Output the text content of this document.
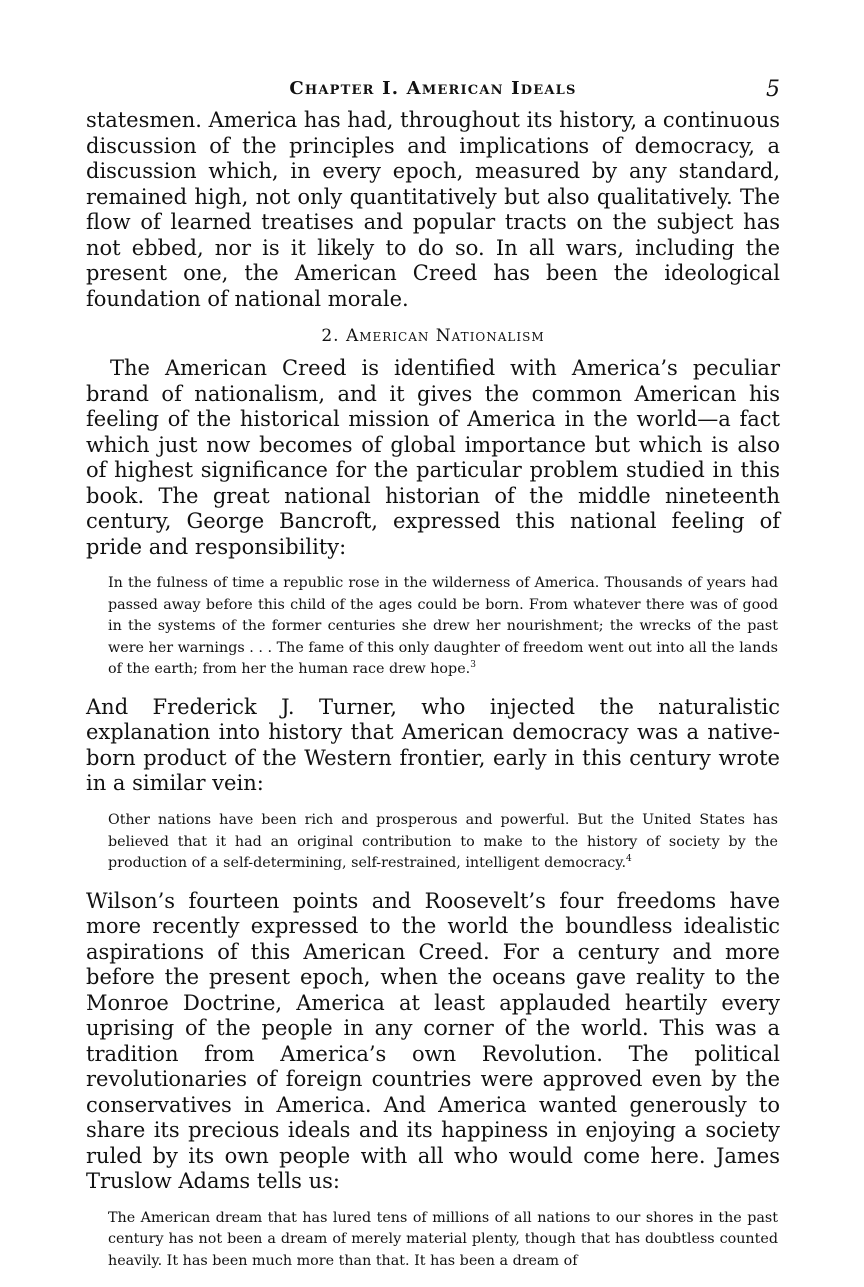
Chapter I. American Ideals	5

statesmen. America has had, throughout its history, a continuous discussion of the principles and implications of democracy, a discussion which, in every epoch, measured by any standard, remained high, not only quantitatively but also qualitatively. The flow of learned treatises and popular tracts on the subject has not ebbed, nor is it likely to do so. In all wars, including the present one, the American Creed has been the ideological foundation of national morale.

2. American Nationalism

The American Creed is identified with America’s peculiar brand of nationalism, and it gives the common American his feeling of the historical mission of America in the world—a fact which just now becomes of global importance but which is also of highest significance for the particular problem studied in this book. The great national historian of the middle nineteenth century, George Bancroft, expressed this national feeling of pride and responsibility:

In the fulness of time a republic rose in the wilderness of America. Thousands of years had passed away before this child of the ages could be born. From whatever there was of good in the systems of the former centuries she drew her nourishment; the wrecks of the past were her warnings . . . The fame of this only daughter of freedom went out into all the lands of the earth; from her the human race drew hope.$^3$

And Frederick J. Turner, who injected the naturalistic explanation into history that American democracy was a native-born product of the Western frontier, early in this century wrote in a similar vein:

Other nations have been rich and prosperous and powerful. But the United States has believed that it had an original contribution to make to the history of society by the production of a self-determining, self-restrained, intelligent democracy.$^4$

Wilson’s fourteen points and Roosevelt’s four freedoms have more recently expressed to the world the boundless idealistic aspirations of this American Creed. For a century and more before the present epoch, when the oceans gave reality to the Monroe Doctrine, America at least applauded heartily every uprising of the people in any corner of the world. This was a tradition from America’s own Revolution. The political revolutionaries of foreign countries were approved even by the conservatives in America. And America wanted generously to share its precious ideals and its happiness in enjoying a society ruled by its own people with all who would come here. James Truslow Adams tells us:

The American dream that has lured tens of millions of all nations to our shores in the past century has not been a dream of merely material plenty, though that has doubtless counted heavily. It has been much more than that. It has been a dream of
